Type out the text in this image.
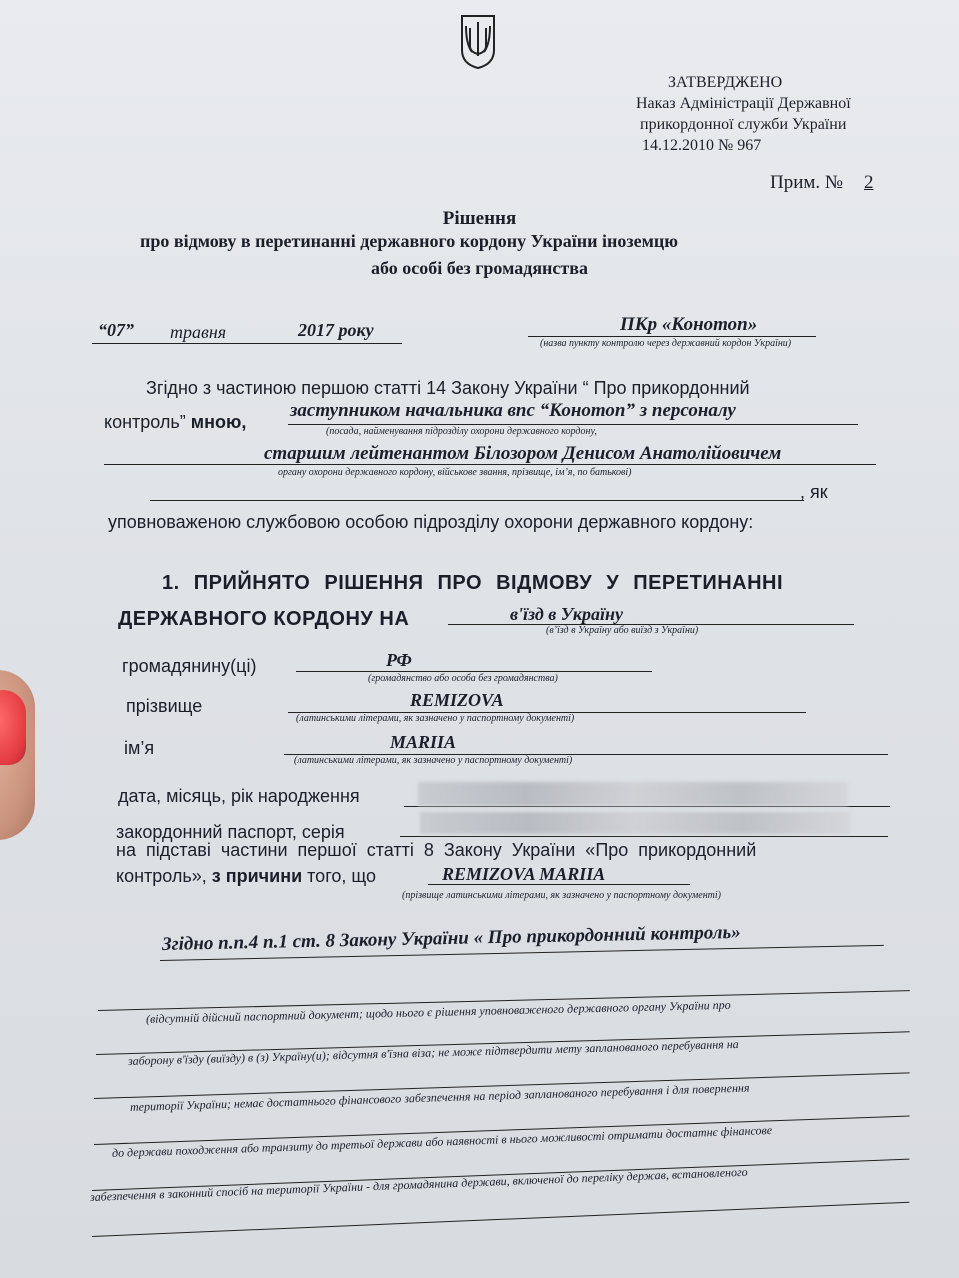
ЗАТВЕРДЖЕНО
Наказ Адміністрації Державної
прикордонної служби України
14.12.2010 № 967
Прим. № 2
Рішення
про відмову в перетинанні державного кордону України іноземцю
або особі без громадянства
“07” травня	2017 року	ПКр «Конотоп»
(назва пункту контролю через державний кордон України)
Згідно з частиною першою статті 14 Закону України “ Про прикордонний
контроль” мною,
заступником начальника впс “Конотоп” з персоналу
(посада, найменування підрозділу охорони державного кордону,
старшим лейтенантом Білозором Денисом Анатолійовичем
органу охорони державного кордону, військове звання, прізвище, ім’я, по батькові)
, як
уповноваженою службовою особою підрозділу охорони державного кордону:
1. ПРИЙНЯТО РІШЕННЯ ПРО ВІДМОВУ У ПЕРЕТИНАННІ
ДЕРЖАВНОГО КОРДОНУ НА	в'їзд в Україну
(в’їзд в Україну або виїзд з України)
громадянину(ці)	РФ
(громадянство або особа без громадянства)
прізвище	REMIZOVA
(латинськими літерами, як зазначено у паспортному документі)
ім’я	MARIIA
(латинськими літерами, як зазначено у паспортному документі)
дата, місяць, рік народження
закордонний паспорт, серія
на підставі частини першої статті 8 Закону України «Про прикордонний
контроль», з причини того, що	REMIZOVA MARIIA
(прізвище латинськими літерами, як зазначено у паспортному документі)
Згідно п.п.4 п.1 ст. 8 Закону України « Про прикордонний контроль»
(відсутній дійсний паспортний документ; щодо нього є рішення уповноваженого державного органу України про
заборону в'їзду (виїзду) в (з) Україну(и); відсутня в'їзна віза; не може підтвердити мету запланованого перебування на
території України; немає достатнього фінансового забезпечення на період запланованого перебування і для повернення
до держави походження або транзиту до третьої держави або наявності в нього можливості отримати достатнє фінансове
забезпечення в законний спосіб на території України - для громадянина держави, включеної до переліку держав, встановленого
